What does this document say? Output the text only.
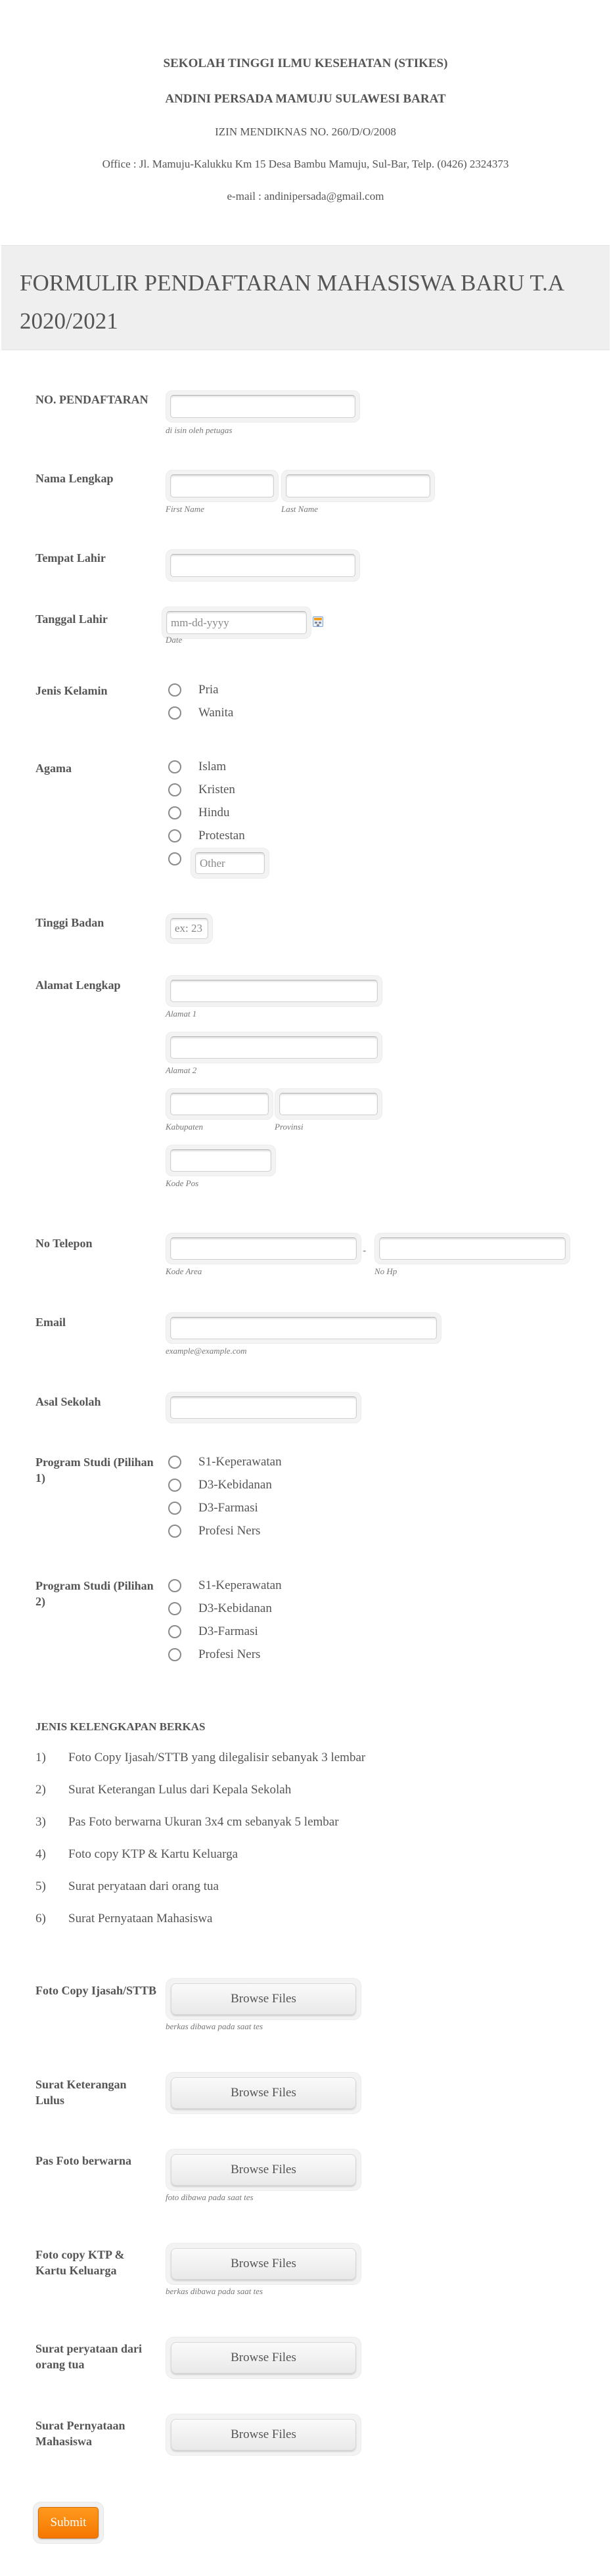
SEKOLAH TINGGI ILMU KESEHATAN (STIKES)
ANDINI PERSADA MAMUJU SULAWESI BARAT
IZIN MENDIKNAS NO. 260/D/O/2008
Office : Jl. Mamuju-Kalukku Km 15 Desa Bambu Mamuju, Sul-Bar, Telp. (0426) 2324373
e-mail : andinipersada@gmail.com
FORMULIR PENDAFTARAN MAHASISWA BARU T.A 2020/2021
NO. PENDAFTARAN
di isin oleh petugas
Nama Lengkap
First Name	Last Name
Tempat Lahir
Tanggal Lahir
mm-dd-yyyy
Date
Jenis Kelamin	Pria
Wanita
Agama	Islam
Kristen
Hindu
Protestan
Other
Tinggi Badan
ex: 23
Alamat Lengkap
Alamat 1
Alamat 2
Kabupaten	Provinsi
Kode Pos
No Telepon
-
Kode Area	No Hp
Email
example@example.com
Asal Sekolah
Program Studi (Pilihan 1)
S1-Keperawatan
D3-Kebidanan
D3-Farmasi
Profesi Ners
Program Studi (Pilihan 2)
S1-Keperawatan
D3-Kebidanan
D3-Farmasi
Profesi Ners
JENIS KELENGKAPAN BERKAS
1) Foto Copy Ijasah/STTB yang dilegalisir sebanyak 3 lembar
2) Surat Keterangan Lulus dari Kepala Sekolah
3) Pas Foto berwarna Ukuran 3x4 cm sebanyak 5 lembar
4) Foto copy KTP & Kartu Keluarga
5) Surat peryataan dari orang tua
6) Surat Pernyataan Mahasiswa
Foto Copy Ijasah/STTB
Browse Files
berkas dibawa pada saat tes
Surat Keterangan Lulus
Browse Files
Pas Foto berwarna
Browse Files
foto dibawa pada saat tes
Foto copy KTP & Kartu Keluarga	Browse Files
berkas dibawa pada saat tes
Surat peryataan dari orang tua	Browse Files
Surat Pernyataan Mahasiswa	Browse Files
Submit
